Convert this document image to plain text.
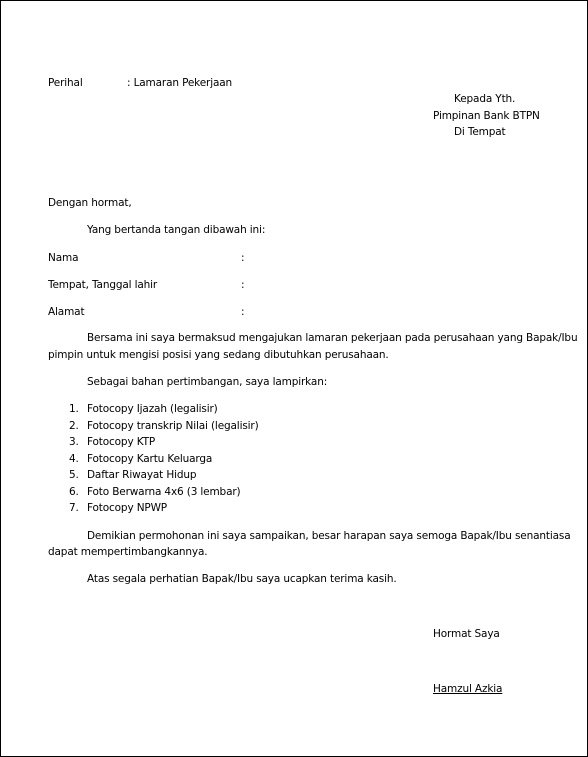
Perihal	: Lamaran Pekerjaan
Kepada Yth.
Pimpinan Bank BTPN
Di Tempat
Dengan hormat,
Yang bertanda tangan dibawah ini:
Nama	:
Tempat, Tanggal lahir	:
Alamat	:
Bersama ini saya bermaksud mengajukan lamaran pekerjaan pada perusahaan yang Bapak/Ibu
pimpin untuk mengisi posisi yang sedang dibutuhkan perusahaan.
Sebagai bahan pertimbangan, saya lampirkan:
1. Fotocopy Ijazah (legalisir)
2. Fotocopy transkrip Nilai (legalisir)
3. Fotocopy KTP
4. Fotocopy Kartu Keluarga
5. Daftar Riwayat Hidup
6. Foto Berwarna 4x6 (3 lembar)
7. Fotocopy NPWP
Demikian permohonan ini saya sampaikan, besar harapan saya semoga Bapak/Ibu senantiasa
dapat mempertimbangkannya.
Atas segala perhatian Bapak/Ibu saya ucapkan terima kasih.
Hormat Saya
Hamzul Azkia
